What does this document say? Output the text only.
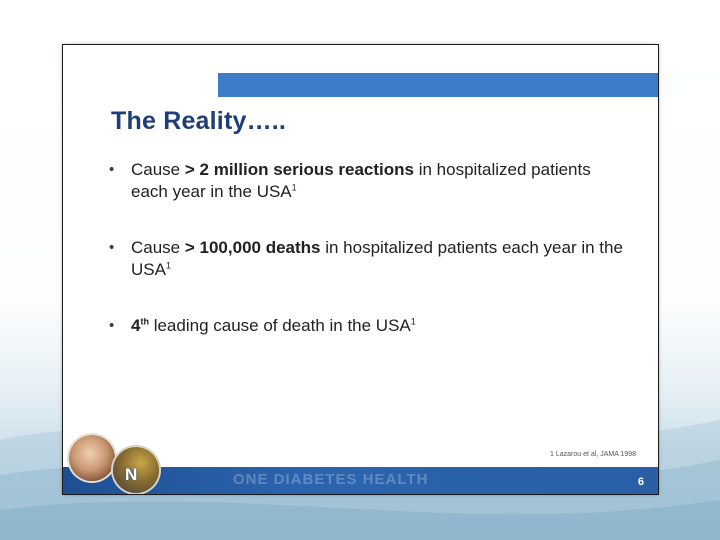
The Reality…..
• Cause > 2 million serious reactions in hospitalized patients each year in the USA$^1$
• Cause > 100,000 deaths in hospitalized patients each year in the USA$^1$
• 4th leading cause of death in the USA$^1$
1 Lazarou et al, JAMA 1998
ONE DIABETES HEALTH	6
N
